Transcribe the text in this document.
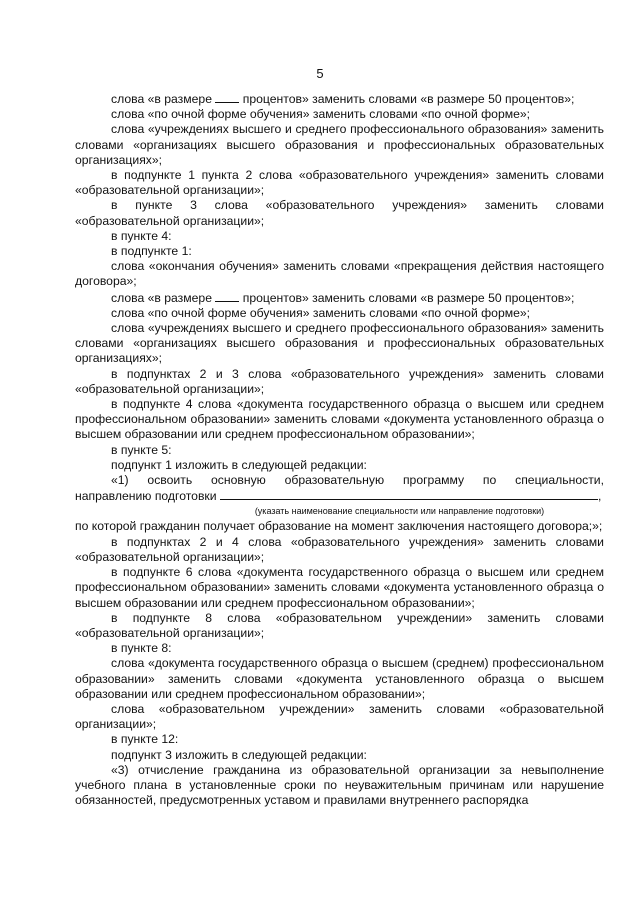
5

слова «в размере  процентов» заменить словами «в размере 50 процентов»;

слова «по очной форме обучения» заменить словами «по очной форме»;

слова «учреждениях высшего и среднего профессионального образования» заменить словами «организациях высшего образования и профессиональных образовательных организациях»;

в подпункте 1 пункта 2 слова «образовательного учреждения» заменить словами «образовательной организации»;

в пункте 3 слова «образовательного учреждения» заменить словами «образовательной организации»;

в пункте 4:

в подпункте 1:

слова «окончания обучения» заменить словами «прекращения действия настоящего договора»;

слова «в размере  процентов» заменить словами «в размере 50 процентов»;

слова «по очной форме обучения» заменить словами «по очной форме»;

слова «учреждениях высшего и среднего профессионального образования» заменить словами «организациях высшего образования и профессиональных образовательных организациях»;

в подпунктах 2 и 3 слова «образовательного учреждения» заменить словами «образовательной организации»;

в подпункте 4 слова «документа государственного образца о высшем или среднем профессиональном образовании» заменить словами «документа установленного образца о высшем образовании или среднем профессиональном образовании»;

в пункте 5:

подпункт 1 изложить в следующей редакции:

«1) освоить основную образовательную программу по специальности,

направлению подготовки	,

(указать наименование специальности или направление подготовки)

по которой гражданин получает образование на момент заключения настоящего договора;»;

в подпунктах 2 и 4 слова «образовательного учреждения» заменить словами «образовательной организации»;

в подпункте 6 слова «документа государственного образца о высшем или среднем профессиональном образовании» заменить словами «документа установленного образца о высшем образовании или среднем профессиональном образовании»;

в подпункте 8 слова «образовательном учреждении» заменить словами «образовательной организации»;

в пункте 8:

слова «документа государственного образца о высшем (среднем) профессиональном образовании» заменить словами «документа установленного образца о высшем образовании или среднем профессиональном образовании»;

слова «образовательном учреждении» заменить словами «образовательной организации»;

в пункте 12:

подпункт 3 изложить в следующей редакции:

«3) отчисление гражданина из образовательной организации за невыполнение учебного плана в установленные сроки по неуважительным причинам или нарушение обязанностей, предусмотренных уставом и правилами внутреннего распорядка
